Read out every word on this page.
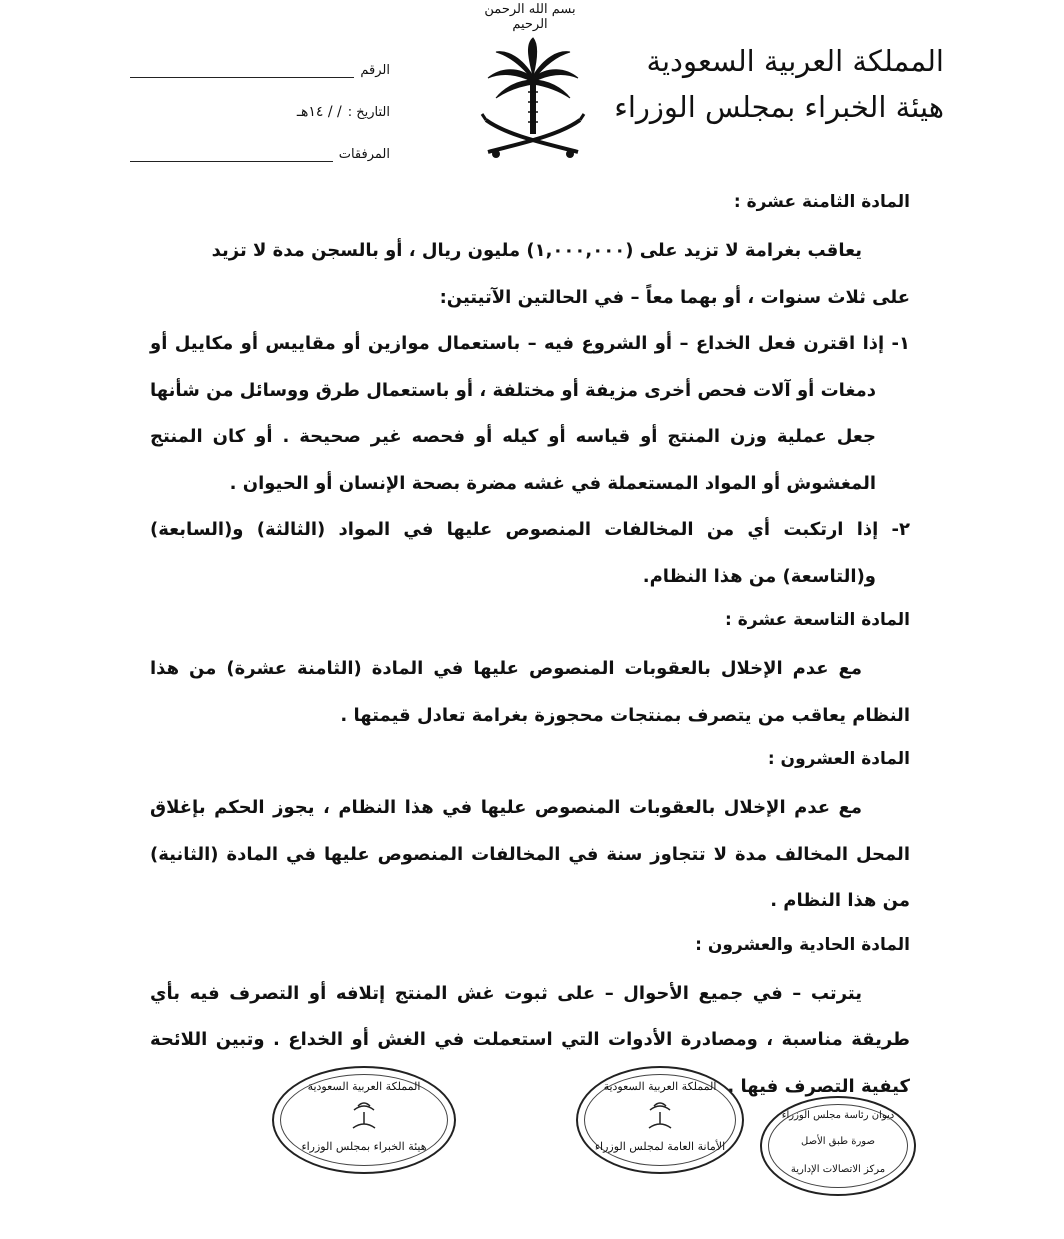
بسم الله الرحمن الرحيم
المملكة العربية السعودية
هيئة الخبراء بمجلس الوزراء
الرقم
التاريخ :
/ / ١٤هـ
المرفقات
المادة الثامنة عشرة :

يعاقب بغرامة لا تزيد على (١,٠٠٠,٠٠٠) مليون ريال ، أو بالسجن مدة لا تزيد

على ثلاث سنوات ، أو بهما معاً – في الحالتين الآتيتين:

١- إذا اقترن فعل الخداع – أو الشروع فيه – باستعمال موازين أو مقاييس أو مكاييل أو دمغات أو آلات فحص أخرى مزيفة أو مختلفة ، أو باستعمال طرق ووسائل من شأنها جعل عملية وزن المنتج أو قياسه أو كيله أو فحصه غير صحيحة . أو كان المنتج المغشوش أو المواد المستعملة في غشه مضرة بصحة الإنسان أو الحيوان .

٢- إذا ارتكبت أي من المخالفات المنصوص عليها في المواد (الثالثة) و(السابعة) و(التاسعة) من هذا النظام.

المادة التاسعة عشرة :

مع عدم الإخلال بالعقوبات المنصوص عليها في المادة (الثامنة عشرة) من هذا النظام يعاقب من يتصرف بمنتجات محجوزة بغرامة تعادل قيمتها .

المادة العشرون :

مع عدم الإخلال بالعقوبات المنصوص عليها في هذا النظام ، يجوز الحكم بإغلاق المحل المخالف مدة لا تتجاوز سنة في المخالفات المنصوص عليها في المادة (الثانية) من هذا النظام .

المادة الحادية والعشرون :

يترتب – في جميع الأحوال – على ثبوت غش المنتج إتلافه أو التصرف فيه بأي طريقة مناسبة ، ومصادرة الأدوات التي استعملت في الغش أو الخداع . وتبين اللائحة كيفية التصرف فيها .

المملكة العربية السعودية
هيئة الخبراء بمجلس الوزراء
المملكة العربية السعودية
الأمانة العامة لمجلس الوزراء
ديوان رئاسة مجلس الوزراء
صورة طبق الأصل
مركز الاتصالات الإدارية
